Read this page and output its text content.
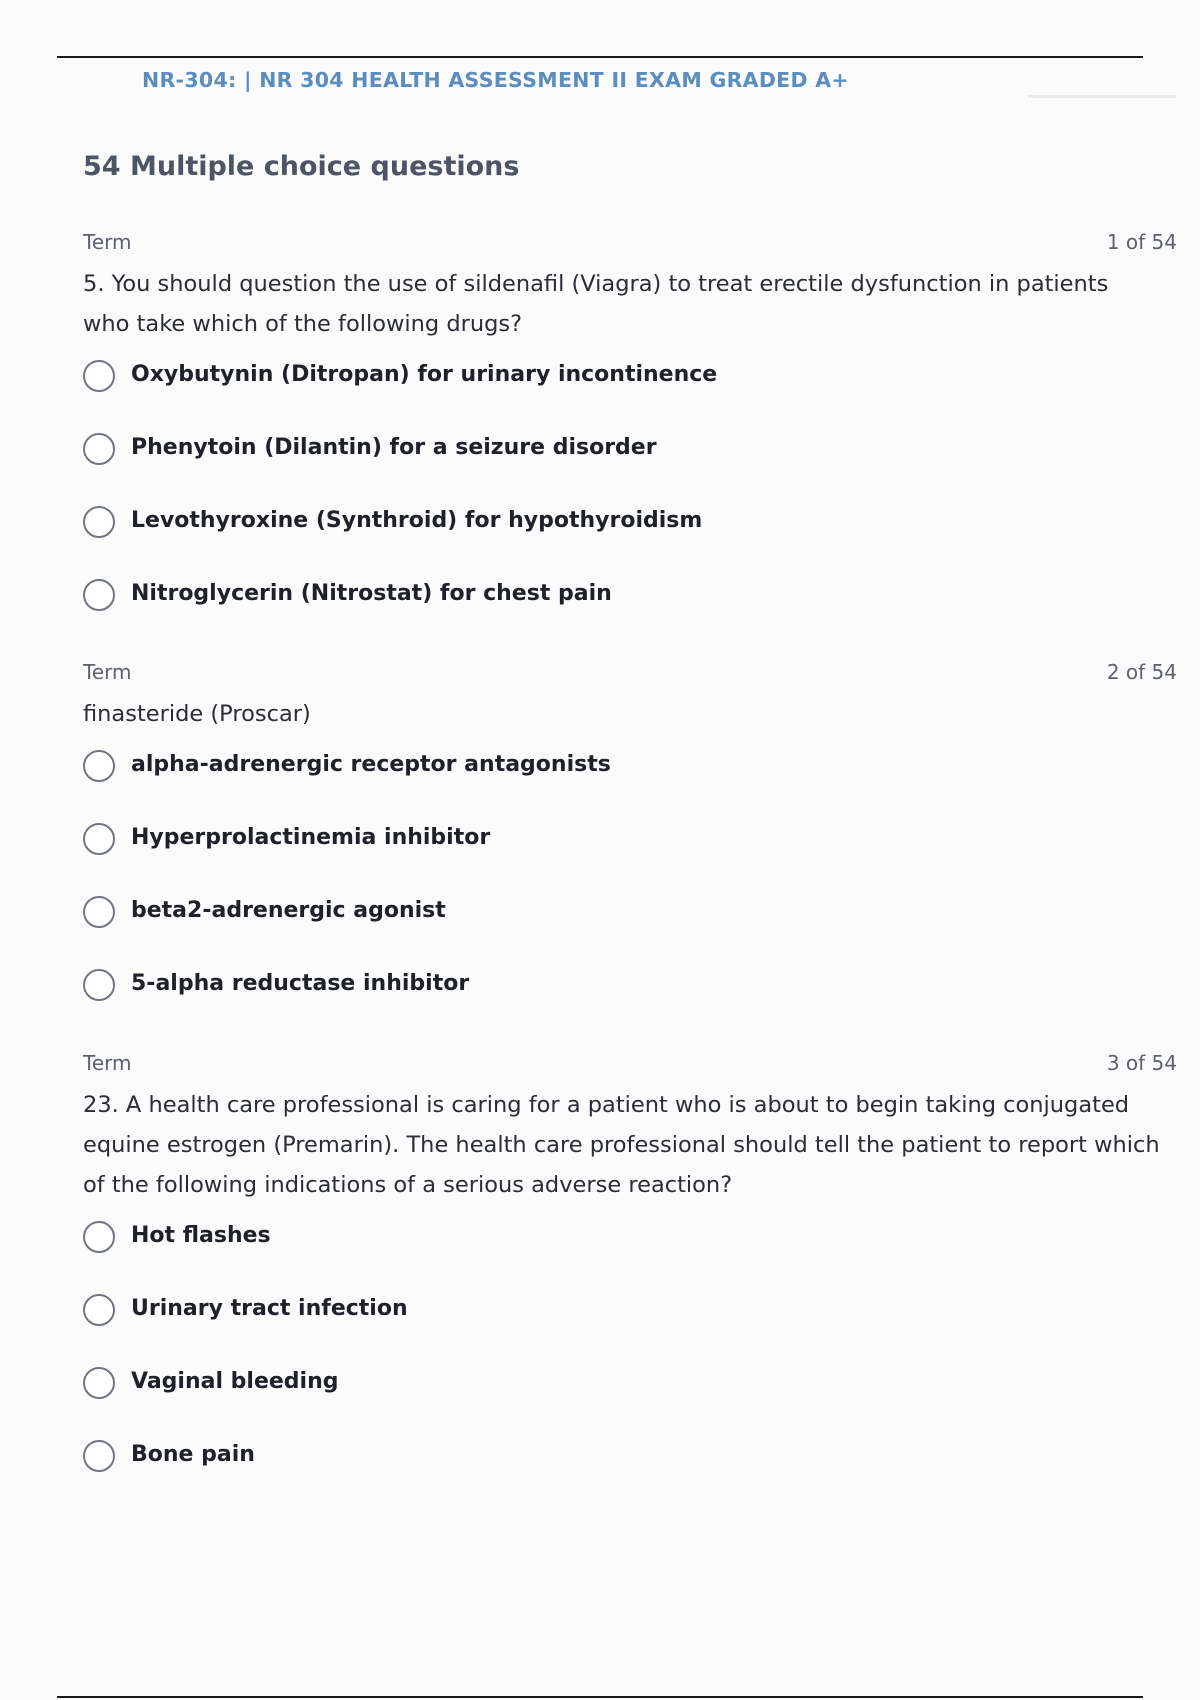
NR-304: | NR 304 HEALTH ASSESSMENT II EXAM GRADED A+
54 Multiple choice questions
Term	1 of 54
5. You should question the use of sildenafil (Viagra) to treat erectile dysfunction in patients who take which of the following drugs?
Oxybutynin (Ditropan) for urinary incontinence
Phenytoin (Dilantin) for a seizure disorder
Levothyroxine (Synthroid) for hypothyroidism
Nitroglycerin (Nitrostat) for chest pain
Term	2 of 54
finasteride (Proscar)
alpha-adrenergic receptor antagonists
Hyperprolactinemia inhibitor
beta2-adrenergic agonist
5-alpha reductase inhibitor
Term	3 of 54
23. A health care professional is caring for a patient who is about to begin taking conjugated equine estrogen (Premarin). The health care professional should tell the patient to report which of the following indications of a serious adverse reaction?
Hot flashes
Urinary tract infection
Vaginal bleeding
Bone pain
